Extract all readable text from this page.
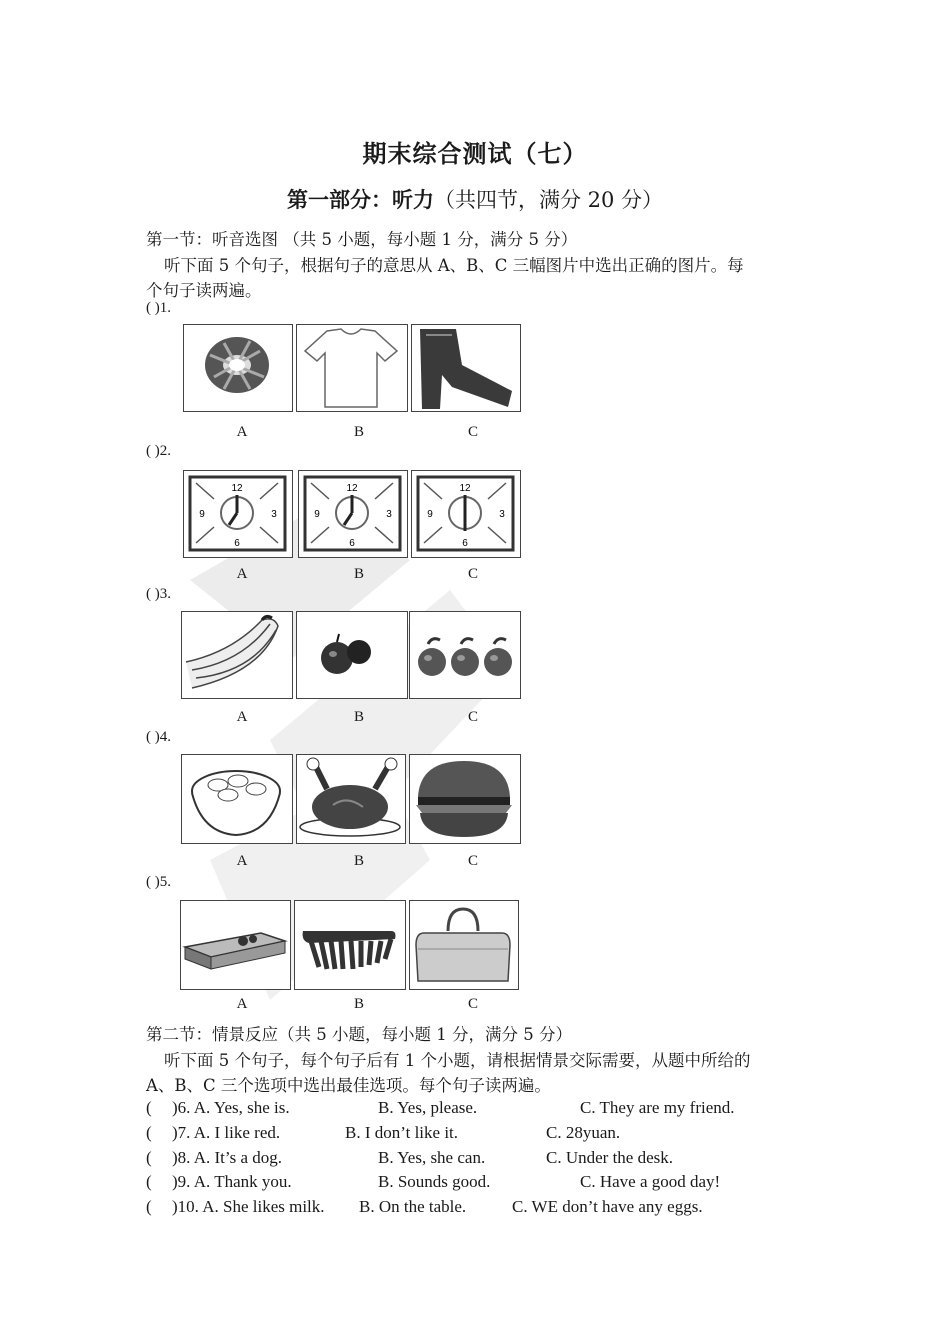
期末综合测试（七）
第一部分：听力（共四节，满分 20 分）
第一节：听音选图 （共 5 小题，每小题 1 分，满分 5 分）
听下面 5 个句子，根据句子的意思从 A、B、C 三幅图片中选出正确的图片。每
个句子读两遍。
( )1.
A	B	C
( )2.
12
9	3
6
12
9	3
6
12
9	3
6
A	B	C
( )3.
A	B	C
( )4.
A	B	C
( )5.
A	B	C
第二节：情景反应（共 5 小题，每小题 1 分，满分 5 分）
听下面 5 个句子，每个句子后有 1 个小题，请根据情景交际需要，从题中所给的
A、B、C 三个选项中选出最佳选项。每个句子读两遍。
( )6. A. Yes, she is.	B. Yes, please.	C. They are my friend.
( )7. A. I like red.	B. I don’t like it.	C. 28yuan.
( )8. A. It’s a dog.	B. Yes, she can.	C. Under the desk.
( )9. A. Thank you.	B. Sounds good.	C. Have a good day!
( )10. A. She likes milk. B. On the table.	C. WE don’t have any eggs.
